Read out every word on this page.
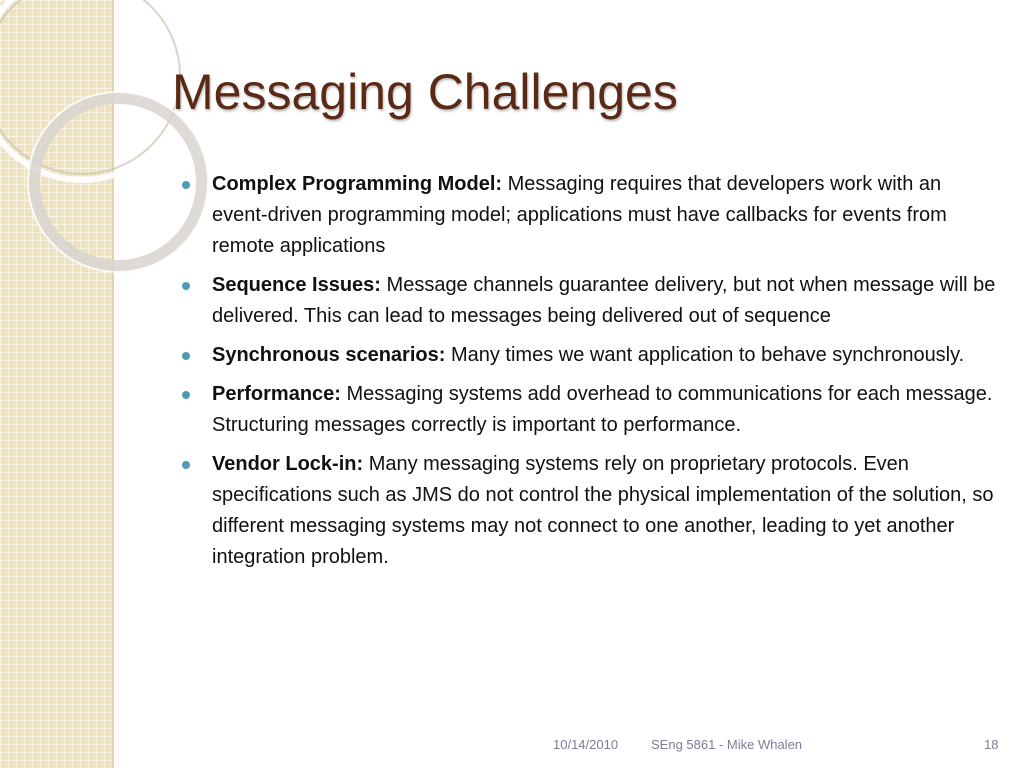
Messaging Challenges
Complex Programming Model: Messaging requires that developers work with an event-driven programming model; applications must have callbacks for events from remote applications
Sequence Issues: Message channels guarantee delivery, but not when message will be delivered. This can lead to messages being delivered out of sequence
Synchronous scenarios: Many times we want application to behave synchronously.
Performance: Messaging systems add overhead to communications for each message. Structuring messages correctly is important to performance.
Vendor Lock-in: Many messaging systems rely on proprietary protocols. Even specifications such as JMS do not control the physical implementation of the solution, so different messaging systems may not connect to one another, leading to yet another integration problem.
10/14/2010	SEng 5861 - Mike Whalen	18
